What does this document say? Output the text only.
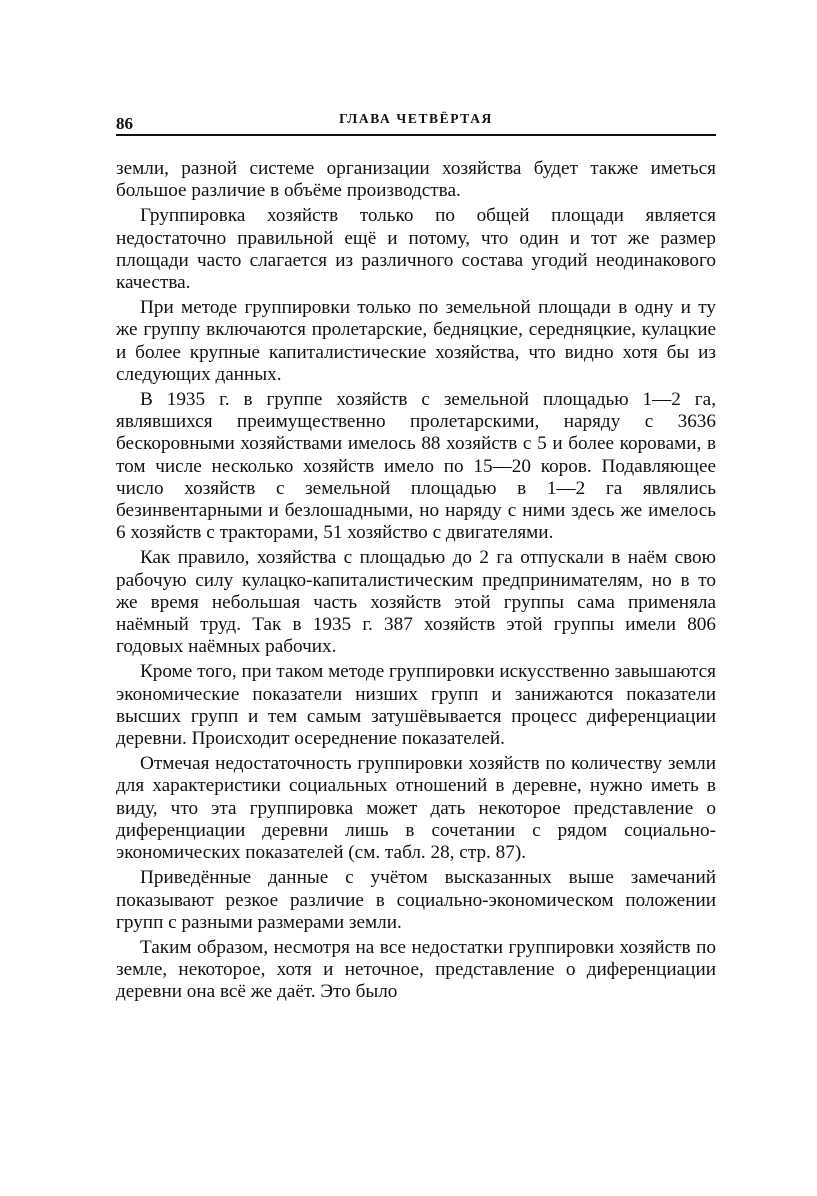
86	ГЛАВА ЧЕТВЁРТАЯ

земли, разной системе организации хозяйства будет также иметься большое различие в объёме производства.

Группировка хозяйств только по общей площади является недостаточно правильной ещё и потому, что один и тот же размер площади часто слагается из различного состава угодий неодинакового качества.

При методе группировки только по земельной площади в одну и ту же группу включаются пролетарские, бедняцкие, середняцкие, кулацкие и более крупные капиталистические хозяйства, что видно хотя бы из следующих данных.

В 1935 г. в группе хозяйств с земельной площадью 1—2 га, являвшихся преимущественно пролетарскими, наряду с 3636 бескоровными хозяйствами имелось 88 хозяйств с 5 и более коровами, в том числе несколько хозяйств имело по 15—20 коров. Подавляющее число хозяйств с земельной площадью в 1—2 га являлись безинвентарными и безлошадными, но наряду с ними здесь же имелось 6 хозяйств с тракторами, 51 хозяйство с двигателями.

Как правило, хозяйства с площадью до 2 га отпускали в наём свою рабочую силу кулацко-капиталистическим предпринимателям, но в то же время небольшая часть хозяйств этой группы сама применяла наёмный труд. Так в 1935 г. 387 хозяйств этой группы имели 806 годовых наёмных рабочих.

Кроме того, при таком методе группировки искусственно завышаются экономические показатели низших групп и занижаются показатели высших групп и тем самым затушёвывается процесс диференциации деревни. Происходит осереднение показателей.

Отмечая недостаточность группировки хозяйств по количеству земли для характеристики социальных отношений в деревне, нужно иметь в виду, что эта группировка может дать некоторое представление о диференциации деревни лишь в сочетании с рядом социально-экономических показателей (см. табл. 28, стр. 87).

Приведённые данные с учётом высказанных выше замечаний показывают резкое различие в социально-экономическом положении групп с разными размерами земли.

Таким образом, несмотря на все недостатки группировки хозяйств по земле, некоторое, хотя и неточное, представление о диференциации деревни она всё же даёт. Это было
